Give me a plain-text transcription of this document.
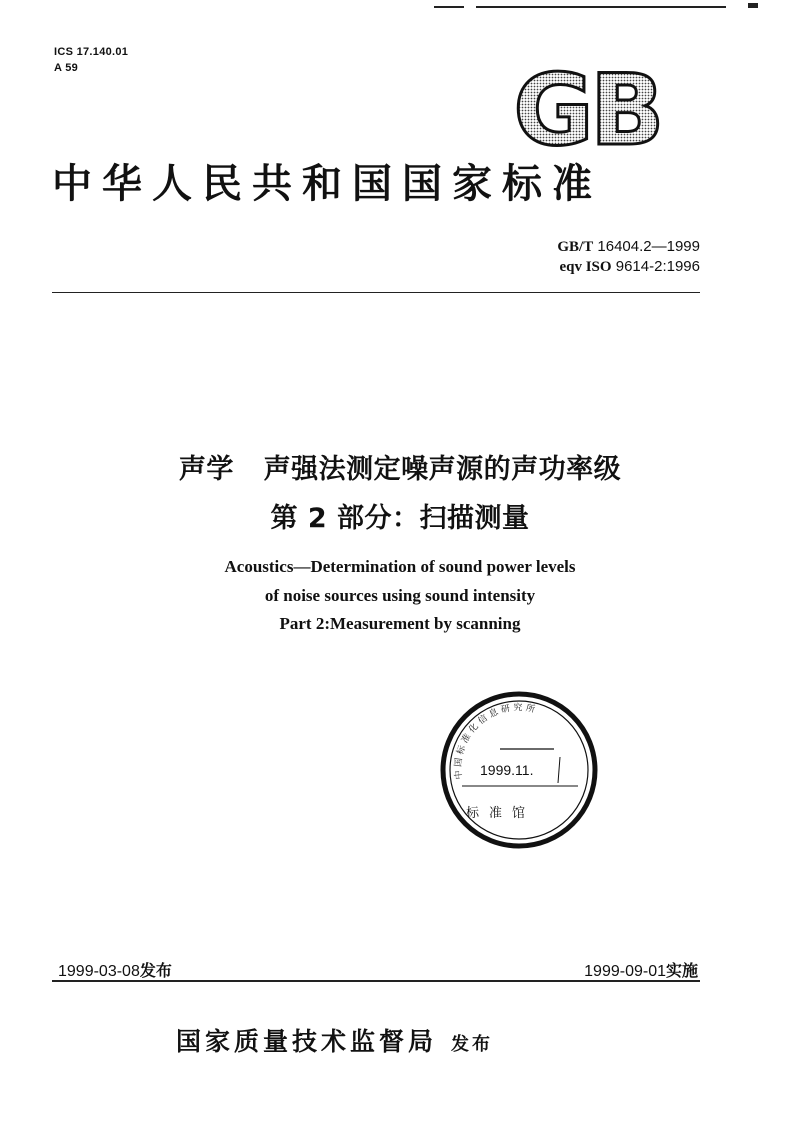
ICS 17.140.01
A 59	GB
中华人民共和国国家标准
GB/T 16404.2—1999
eqv ISO 9614-2:1996
声学   声强法测定噪声源的声功率级
第 2 部分：扫描测量
Acoustics—Determination of sound power levels
of noise sources using sound intensity
Part 2:Measurement by scanning
中国标准化信息研究所
1999.11.
标准馆
1999-03-08发布	1999-09-01实施
国家质量技术监督局 发布
